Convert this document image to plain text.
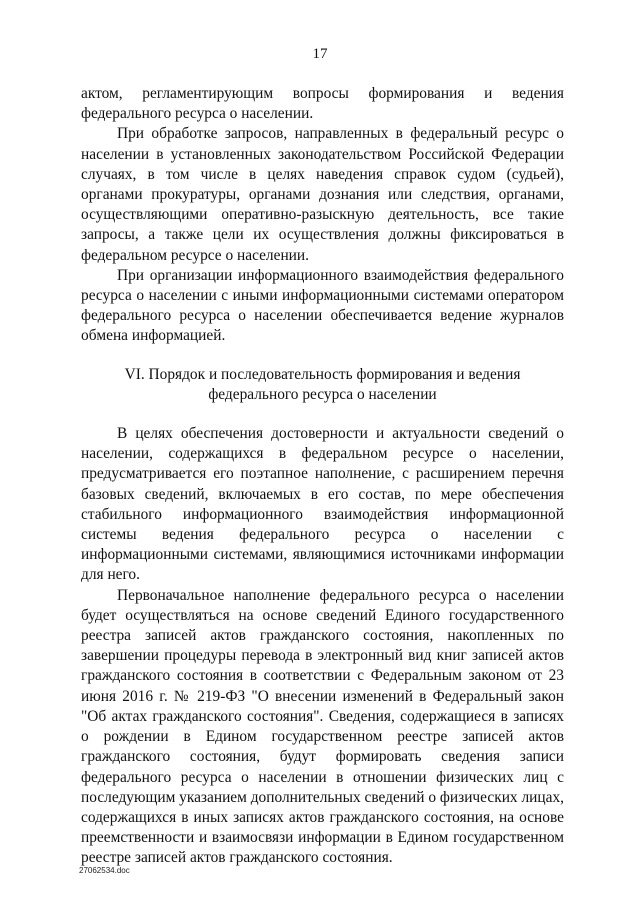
17

актом, регламентирующим вопросы формирования и ведения федерального ресурса о населении.

При обработке запросов, направленных в федеральный ресурс о населении в установленных законодательством Российской Федерации случаях, в том числе в целях наведения справок судом (судьей), органами прокуратуры, органами дознания или следствия, органами, осуществляющими оперативно-разыскную деятельность, все такие запросы, а также цели их осуществления должны фиксироваться в федеральном ресурсе о населении.

При организации информационного взаимодействия федерального ресурса о населении с иными информационными системами оператором федерального ресурса о населении обеспечивается ведение журналов обмена информацией.

VI. Порядок и последовательность формирования и ведения
федерального ресурса о населении

В целях обеспечения достоверности и актуальности сведений о населении, содержащихся в федеральном ресурсе о населении, предусматривается его поэтапное наполнение, с расширением перечня базовых сведений, включаемых в его состав, по мере обеспечения стабильного информационного взаимодействия информационной системы ведения федерального ресурса о населении с информационными системами, являющимися источниками информации для него.

Первоначальное наполнение федерального ресурса о населении будет осуществляться на основе сведений Единого государственного реестра записей актов гражданского состояния, накопленных по завершении процедуры перевода в электронный вид книг записей актов гражданского состояния в соответствии с Федеральным законом от 23 июня 2016 г. № 219-ФЗ "О внесении изменений в Федеральный закон "Об актах гражданского состояния". Сведения, содержащиеся в записях о рождении в Едином государственном реестре записей актов гражданского состояния, будут формировать сведения записи федерального ресурса о населении в отношении физических лиц с последующим указанием дополнительных сведений о физических лицах, содержащихся в иных записях актов гражданского состояния, на основе преемственности и взаимосвязи информации в Едином государственном реестре записей актов гражданского состояния.

27062534.doc
